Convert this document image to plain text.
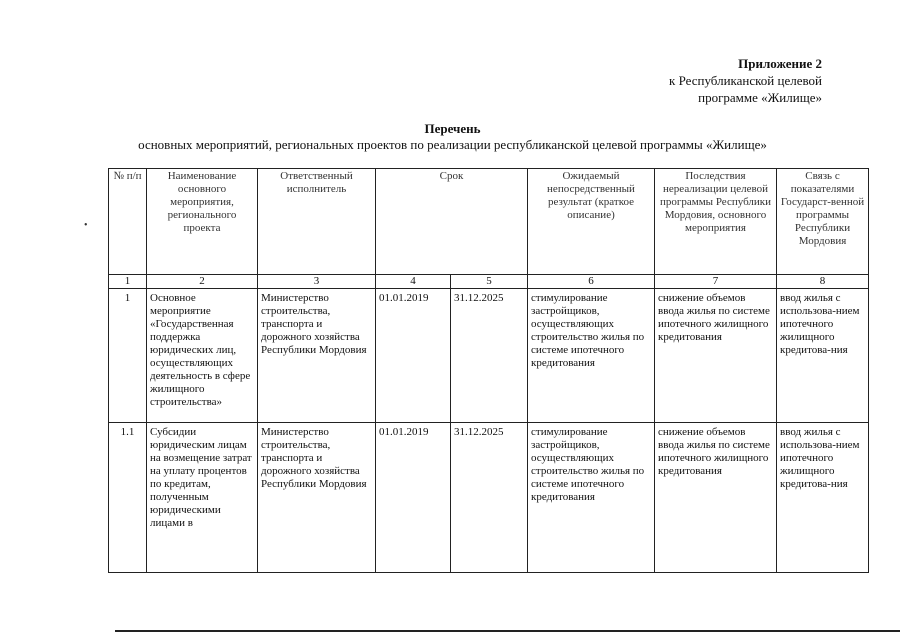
Приложение 2
к Республиканской целевой
программе «Жилище»
Перечень
основных мероприятий, региональных проектов по реализации республиканской целевой программы «Жилище»
•
№ п/п	Наименование основного мероприятия, регионального проекта	Ответственный исполнитель	Срок		Ожидаемый непосредственный результат (краткое описание)	Последствия нереализации целевой программы Республики Мордовия, основного мероприятия	Связь с показателями Государст-венной программы Республики Мордовия
1	2	3	4	5	6	7	8
1	Основное мероприятие «Государственная поддержка юридических лиц, осуществляющих деятельность в сфере жилищного строительства»	Министерство строительства, транспорта и дорожного хозяйства Республики Мордовия	01.01.2019	31.12.2025	стимулирование застройщиков, осуществляющих строительство жилья по системе ипотечного кредитования	снижение объемов ввода жилья по системе ипотечного жилищного кредитования	ввод жилья с использова-нием ипотечного жилищного кредитова-ния
1.1	Субсидии юридическим лицам на возмещение затрат на уплату процентов по кредитам, полученным юридическими лицами в	Министерство строительства, транспорта и дорожного хозяйства Республики Мордовия	01.01.2019	31.12.2025	стимулирование застройщиков, осуществляющих строительство жилья по системе ипотечного кредитования	снижение объемов ввода жилья по системе ипотечного жилищного кредитования	ввод жилья с использова-нием ипотечного жилищного кредитова-ния
